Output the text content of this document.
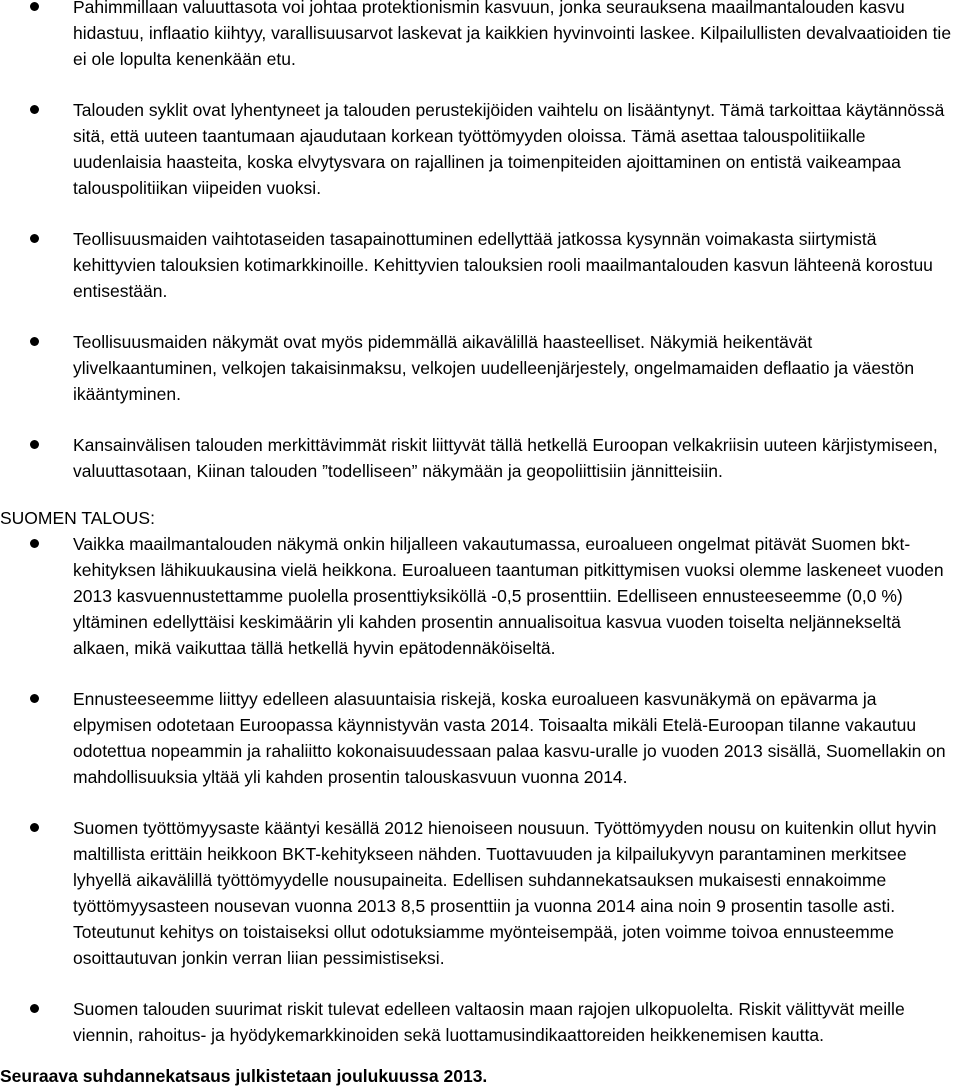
Pahimmillaan valuuttasota voi johtaa protektionismin kasvuun, jonka seurauksena maailmantalouden kasvu hidastuu, inflaatio kiihtyy, varallisuusarvot laskevat ja kaikkien hyvinvointi laskee. Kilpailullisten devalvaatioiden tie ei ole lopulta kenenkään etu.
Talouden syklit ovat lyhentyneet ja talouden perustekijöiden vaihtelu on lisääntynyt. Tämä tarkoittaa käytännössä sitä, että uuteen taantumaan ajaudutaan korkean työttömyyden oloissa. Tämä asettaa talouspolitiikalle uudenlaisia haasteita, koska elvytysvara on rajallinen ja toimenpiteiden ajoittaminen on entistä vaikeampaa talouspolitiikan viipeiden vuoksi.
Teollisuusmaiden vaihtotaseiden tasapainottuminen edellyttää jatkossa kysynnän voimakasta siirtymistä kehittyvien talouksien kotimarkkinoille. Kehittyvien talouksien rooli maailmantalouden kasvun lähteenä korostuu entisestään.
Teollisuusmaiden näkymät ovat myös pidemmällä aikavälillä haasteelliset. Näkymiä heikentävät ylivelkaantuminen, velkojen takaisinmaksu, velkojen uudelleenjärjestely, ongelmamaiden deflaatio ja väestön ikääntyminen.
Kansainvälisen talouden merkittävimmät riskit liittyvät tällä hetkellä Euroopan velkakriisin uuteen kärjistymiseen, valuuttasotaan, Kiinan talouden ”todelliseen” näkymään ja geopoliittisiin jännitteisiin.
SUOMEN TALOUS:
Vaikka maailmantalouden näkymä onkin hiljalleen vakautumassa, euroalueen ongelmat pitävät Suomen bkt-kehityksen lähikuukausina vielä heikkona. Euroalueen taantuman pitkittymisen vuoksi olemme laskeneet vuoden 2013 kasvuennustettamme puolella prosenttiyksiköllä -0,5 prosenttiin. Edelliseen ennusteeseemme (0,0 %) yltäminen edellyttäisi keskimäärin yli kahden prosentin annualisoitua kasvua vuoden toiselta neljännekseltä alkaen, mikä vaikuttaa tällä hetkellä hyvin epätodennäköiseltä.
Ennusteeseemme liittyy edelleen alasuuntaisia riskejä, koska euroalueen kasvunäkymä on epävarma ja elpymisen odotetaan Euroopassa käynnistyvän vasta 2014. Toisaalta mikäli Etelä-Euroopan tilanne vakautuu odotettua nopeammin ja rahaliitto kokonaisuudessaan palaa kasvu-uralle jo vuoden 2013 sisällä, Suomellakin on mahdollisuuksia yltää yli kahden prosentin talouskasvuun vuonna 2014.
Suomen työttömyysaste kääntyi kesällä 2012 hienoiseen nousuun. Työttömyyden nousu on kuitenkin ollut hyvin maltillista erittäin heikkoon BKT-kehitykseen nähden. Tuottavuuden ja kilpailukyvyn parantaminen merkitsee lyhyellä aikavälillä työttömyydelle nousupaineita. Edellisen suhdannekatsauksen mukaisesti ennakoimme työttömyysasteen nousevan vuonna 2013 8,5 prosenttiin ja vuonna 2014 aina noin 9 prosentin tasolle asti. Toteutunut kehitys on toistaiseksi ollut odotuksiamme myönteisempää, joten voimme toivoa ennusteemme osoittautuvan jonkin verran liian pessimistiseksi.
Suomen talouden suurimat riskit tulevat edelleen valtaosin maan rajojen ulkopuolelta. Riskit välittyvät meille viennin, rahoitus- ja hyödykemarkkinoiden sekä luottamusindikaattoreiden heikkenemisen kautta.

Seuraava suhdannekatsaus julkistetaan joulukuussa 2013.
